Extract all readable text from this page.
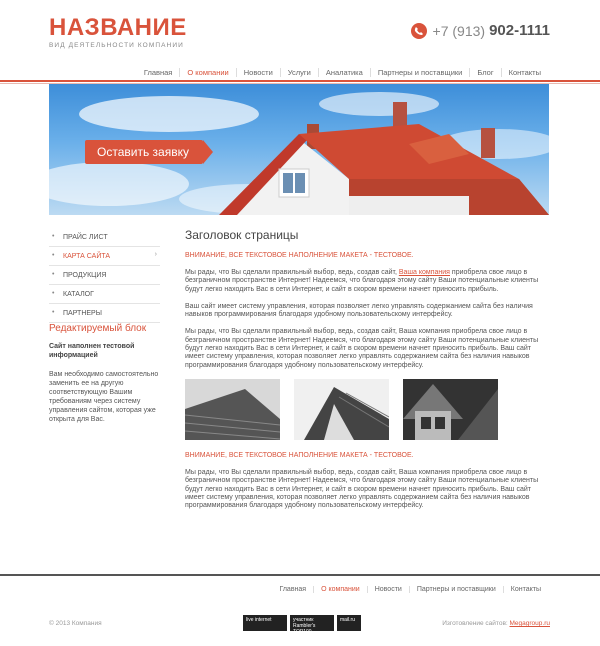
НАЗВАНИЕ
ВИД ДЕЯТЕЛЬНОСТИ КОМПАНИИ
+7 (913) 902-1111
Главная	О компании	Новости	Услуги	Аналатика	Партнеры и поставщики	Блог	Контакты
Оставить заявку
• ПРАЙС ЛИСТ
• КАРТА САЙТА ›
• ПРОДУКЦИЯ
• КАТАЛОГ
• ПАРТНЕРЫ
Редактируемый блок
Сайт наполнен тестовой информацией
Вам необходимо самостоятельно заменить ее на другую соответствующую Вашим требованиям через систему управления сайтом, которая уже открыта для Вас.
Заголовок страницы
ВНИМАНИЕ, ВСЕ ТЕКСТОВОЕ НАПОЛНЕНИЕ МАКЕТА - ТЕСТОВОЕ.
Мы рады, что Вы сделали правильный выбор, ведь, создав сайт, Ваша компания приобрела свое лицо в безграничном пространстве Интернет! Надеемся, что благодаря этому сайту Ваши потенциальные клиенты будут легко находить Вас в сети Интернет, и сайт в скором времени начнет приносить прибыль.
Ваш сайт имеет систему управления, которая позволяет легко управлять содержанием сайта без наличия навыков программирования благодаря удобному пользовательскому интерфейсу.
Мы рады, что Вы сделали правильный выбор, ведь, создав сайт, Ваша компания приобрела свое лицо в безграничном пространстве Интернет! Надеемся, что благодаря этому сайту Ваши потенциальные клиенты будут легко находить Вас в сети Интернет, и сайт в скором времени начнет приносить прибыль. Ваш сайт имеет систему управления, которая позволяет легко управлять содержанием сайта без наличия навыков программирования благодаря удобному пользовательскому интерфейсу.
ВНИМАНИЕ, ВСЕ ТЕКСТОВОЕ НАПОЛНЕНИЕ МАКЕТА - ТЕСТОВОЕ.
Мы рады, что Вы сделали правильный выбор, ведь, создав сайт, Ваша компания приобрела свое лицо в безграничном пространстве Интернет! Надеемся, что благодаря этому сайту Ваши потенциальные клиенты будут легко находить Вас в сети Интернет, и сайт в скором времени начнет приносить прибыль. Ваш сайт имеет систему управления, которая позволяет легко управлять содержанием сайта без наличия навыков программирования благодаря удобному пользовательскому интерфейсу.
Главная	О компании	Новости	Партнеры и поставщики	Контакты
© 2013 Компания	live internet	участник Rambler's TOP100
mail.ru	Изготовление сайтов: Megagroup.ru
